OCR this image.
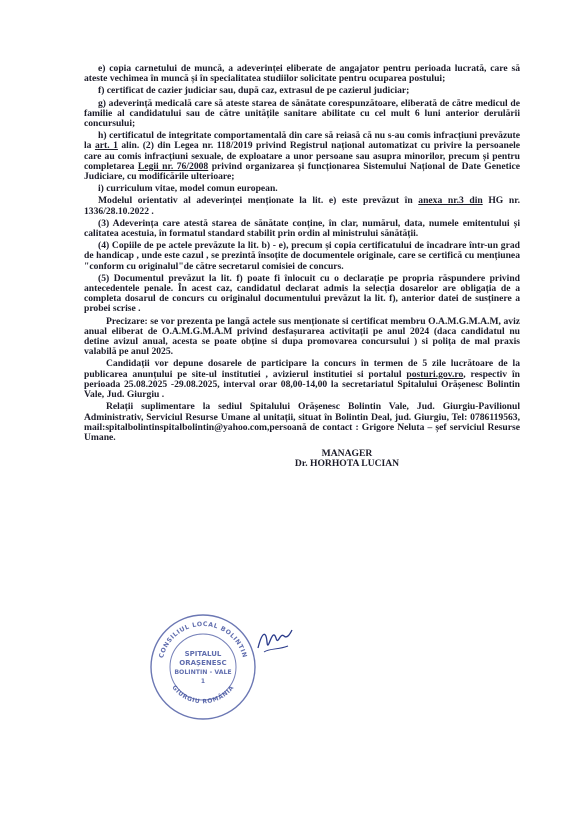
e) copia carnetului de muncă, a adeverinței eliberate de angajator pentru perioada lucrată, care să ateste vechimea în muncă și în specialitatea studiilor solicitate pentru ocuparea postului;

f) certificat de cazier judiciar sau, după caz, extrasul de pe cazierul judiciar;

g) adeverință medicală care să ateste starea de sănătate corespunzătoare, eliberată de către medicul de familie al candidatului sau de către unitățile sanitare abilitate cu cel mult 6 luni anterior derulării concursului;

h) certificatul de integritate comportamentală din care să reiasă că nu s-au comis infracțiuni prevăzute la art. 1 alin. (2) din Legea nr. 118/2019 privind Registrul național automatizat cu privire la persoanele care au comis infracțiuni sexuale, de exploatare a unor persoane sau asupra minorilor, precum și pentru completarea Legii nr. 76/2008 privind organizarea și funcționarea Sistemului Național de Date Genetice Judiciare, cu modificările ulterioare;

i) curriculum vitae, model comun european.

Modelul orientativ al adeverinței menționate la lit. e) este prevăzut în anexa nr.3 din HG nr. 1336/28.10.2022 .

(3) Adeverința care atestă starea de sănătate conține, în clar, numărul, data, numele emitentului și calitatea acestuia, în formatul standard stabilit prin ordin al ministrului sănătății.

(4) Copiile de pe actele prevăzute la lit. b) - e), precum și copia certificatului de încadrare într-un grad de handicap , unde este cazul , se prezintă însoțite de documentele originale, care se certifică cu mențiunea "conform cu originalul"de către secretarul comisiei de concurs.

(5) Documentul prevăzut la lit. f) poate fi înlocuit cu o declarație pe propria răspundere privind antecedentele penale. În acest caz, candidatul declarat admis la selecția dosarelor are obligația de a completa dosarul de concurs cu originalul documentului prevăzut la lit. f), anterior datei de susținere a probei scrise .

Precizare: se vor prezenta pe langă actele sus menționate si certificat membru O.A.M.G.M.A.M, aviz anual eliberat de O.A.M.G.M.A.M privind desfașurarea activitații pe anul 2024 (daca candidatul nu detine avizul anual, acesta se poate obține si dupa promovarea concursului ) si polița de mal praxis valabilă pe anul 2025.

Candidații vor depune dosarele de participare la concurs în termen de 5 zile lucrătoare de la publicarea anunțului pe site-ul institutiei , avizierul institutiei si portalul posturi.gov.ro, respectiv în perioada 25.08.2025 -29.08.2025, interval orar 08,00-14,00 la secretariatul Spitalului Orășenesc Bolintin Vale, Jud. Giurgiu .

Relații suplimentare la sediul Spitalului Orășenesc Bolintin Vale, Jud. Giurgiu-Pavilionul Administrativ, Serviciul Resurse Umane al unitații, situat în Bolintin Deal, jud. Giurgiu, Tel: 0786119563, mail:spitalbolintinspitalbolintin@yahoo.com,persoană de contact : Grigore Neluta – șef serviciul Resurse Umane.

MANAGER
Dr. HORHOTA LUCIAN
CONSILIUL LOCAL BOLINTIN
GIURGIU ROMÂNIA
SPITALUL
ORAȘENESC
BOLINTIN - VALE
1
